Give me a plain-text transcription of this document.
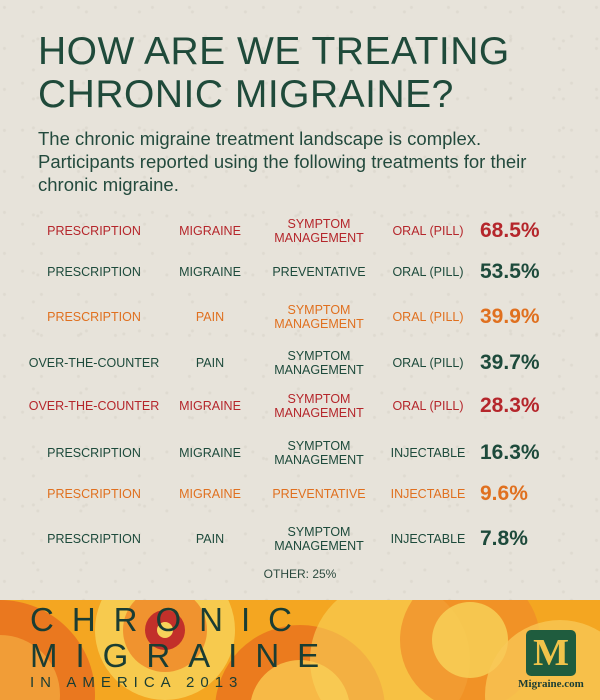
HOW ARE WE TREATING
CHRONIC MIGRAINE?
The chronic migraine treatment landscape is complex. Participants reported using the following treatments for their chronic migraine.
PRESCRIPTION	MIGRAINE	SYMPTOM
MANAGEMENT	ORAL (PILL) 68.5%
PRESCRIPTION	MIGRAINE	PREVENTATIVE	ORAL (PILL) 53.5%
PRESCRIPTION	PAIN	SYMPTOM
MANAGEMENT	ORAL (PILL) 39.9%
OVER-THE-COUNTER	PAIN	SYMPTOM
MANAGEMENT	ORAL (PILL) 39.7%
OVER-THE-COUNTER	MIGRAINE	SYMPTOM
MANAGEMENT	ORAL (PILL) 28.3%
PRESCRIPTION	MIGRAINE	SYMPTOM
MANAGEMENT	INJECTABLE 16.3%
PRESCRIPTION	MIGRAINE	PREVENTATIVE	INJECTABLE 9.6%
PRESCRIPTION	PAIN	SYMPTOM
MANAGEMENT	INJECTABLE 7.8%
OTHER: 25%
CHRONIC
MIGRAINE
IN AMERICA 2013
M
Migraine.com
